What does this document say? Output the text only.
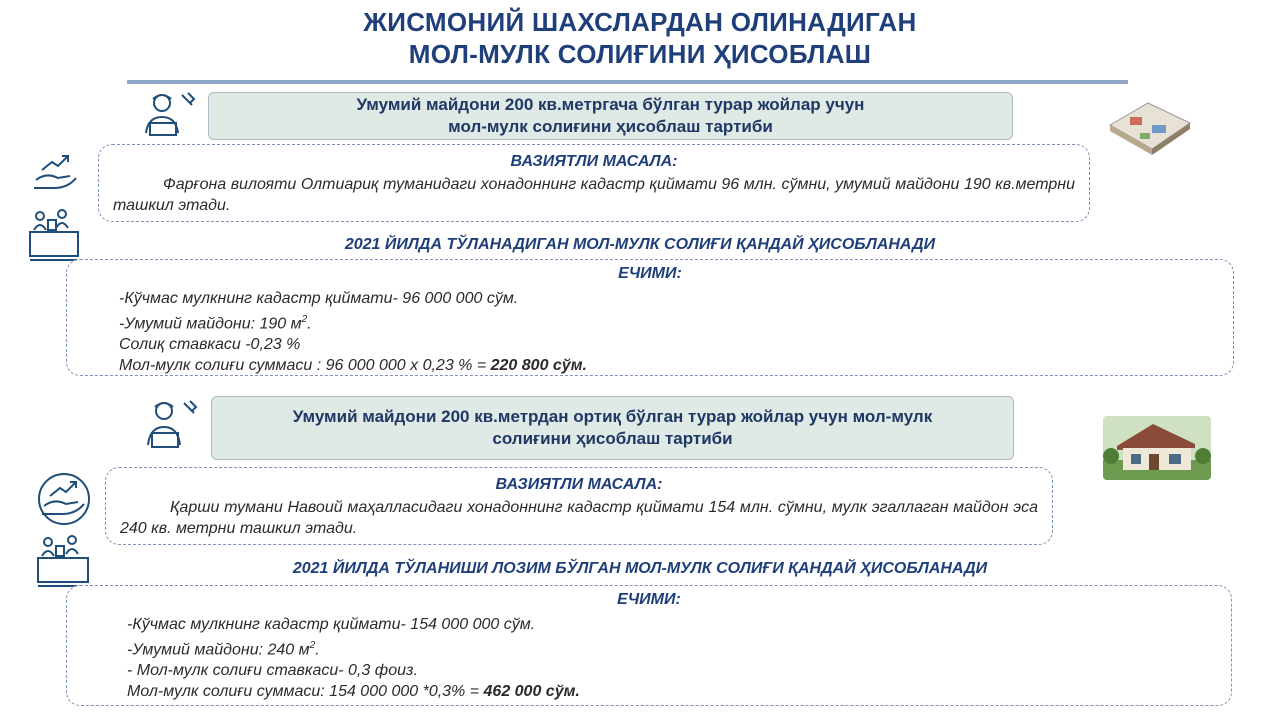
ЖИСМОНИЙ ШАХСЛАРДАН ОЛИНАДИГАН
МОЛ-МУЛК СОЛИҒИНИ ҲИСОБЛАШ
Умумий майдони 200 кв.метргача бўлган турар жойлар учун
мол-мулк солиғини ҳисоблаш тартиби
ВАЗИЯТЛИ МАСАЛА:
Фарғона вилояти Олтиариқ туманидаги хонадоннинг кадастр қиймати 96 млн. сўмни, умумий майдони 190 кв.метрни ташкил этади.
2021 ЙИЛДА ТЎЛАНАДИГАН МОЛ-МУЛК СОЛИҒИ ҚАНДАЙ ҲИСОБЛАНАДИ
ЕЧИМИ:
-Кўчмас мулкнинг кадастр қиймати- 96 000 000 сўм.
-Умумий майдони: 190 $м^2$.
Солиқ ставкаси -0,23 %
Мол-мулк солиғи суммаси : 96 000 000 х 0,23 % = 220 800 сўм.
Умумий майдони 200 кв.метрдан ортиқ бўлган турар жойлар учун мол-мулк
солиғини ҳисоблаш тартиби
ВАЗИЯТЛИ МАСАЛА:
Қарши тумани Навоий маҳалласидаги хонадоннинг кадастр қиймати 154 млн. сўмни, мулк эгаллаган майдон эса 240 кв. метрни ташкил этади.
2021 ЙИЛДА ТЎЛАНИШИ ЛОЗИМ БЎЛГАН МОЛ-МУЛК СОЛИҒИ ҚАНДАЙ ҲИСОБЛАНАДИ
ЕЧИМИ:
-Кўчмас мулкнинг кадастр қиймати- 154 000 000 сўм.
-Умумий майдони: 240 $м^2$.
- Мол-мулк солиғи ставкаси- 0,3 фоиз.
Мол-мулк солиғи суммаси: 154 000 000 *0,3% = 462 000 сўм.
